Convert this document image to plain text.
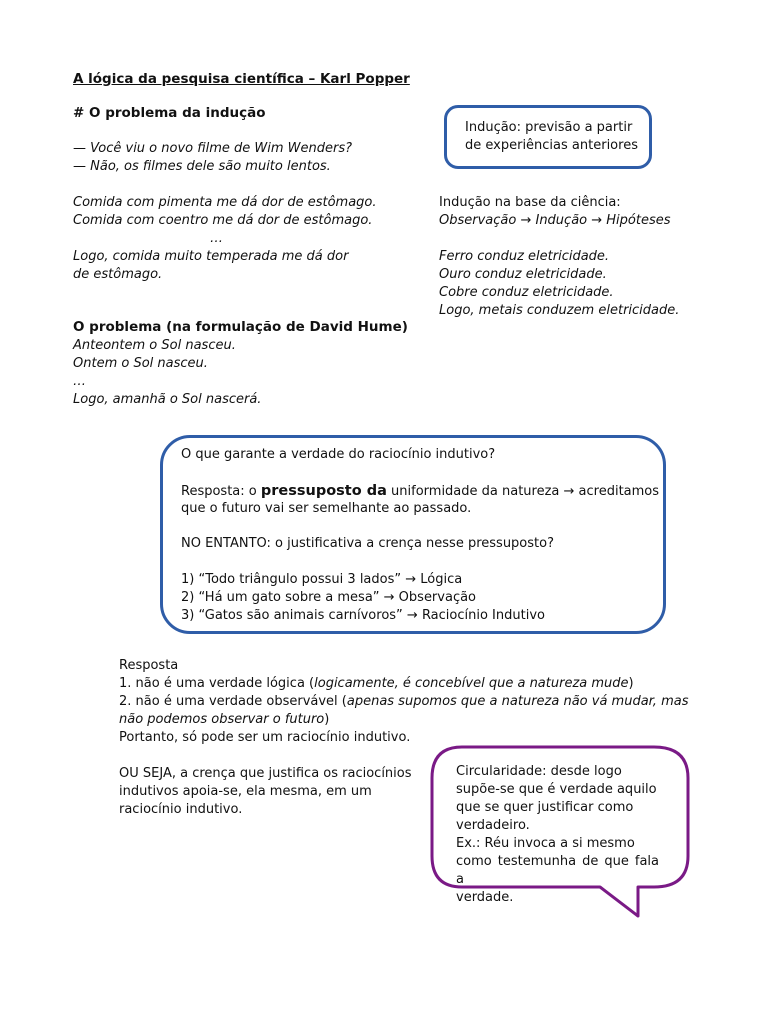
A lógica da pesquisa científica – Karl Popper
# O problema da indução
— Você viu o novo filme de Wim Wenders?
— Não, os filmes dele são muito lentos.
Comida com pimenta me dá dor de estômago.
Comida com coentro me dá dor de estômago.
…
Logo, comida muito temperada me dá dor
de estômago.
O problema (na formulação de David Hume)
Anteontem o Sol nasceu.
Ontem o Sol nasceu.
…
Logo, amanhã o Sol nascerá.
Indução: previsão a partir
de experiências anteriores
Indução na base da ciência:
Observação → Indução → Hipóteses
Ferro conduz eletricidade.
Ouro conduz eletricidade.
Cobre conduz eletricidade.
Logo, metais conduzem eletricidade.
O que garante a verdade do raciocínio indutivo?
Resposta: o pressuposto da uniformidade da natureza → acreditamos
que o futuro vai ser semelhante ao passado.
NO ENTANTO: o justificativa a crença nesse pressuposto?
1) “Todo triângulo possui 3 lados” → Lógica
2) “Há um gato sobre a mesa” → Observação
3) “Gatos são animais carnívoros” → Raciocínio Indutivo
Resposta
1. não é uma verdade lógica (logicamente, é concebível que a natureza mude)
2. não é uma verdade observável (apenas supomos que a natureza não vá mudar, mas
não podemos observar o futuro)
Portanto, só pode ser um raciocínio indutivo.
OU SEJA, a crença que justifica os raciocínios
indutivos apoia-se, ela mesma, em um
raciocínio indutivo.
Circularidade: desde logo
supõe-se que é verdade aquilo
que se quer justificar como
verdadeiro.
Ex.: Réu invoca a si mesmo
como testemunha de que fala a
verdade.
